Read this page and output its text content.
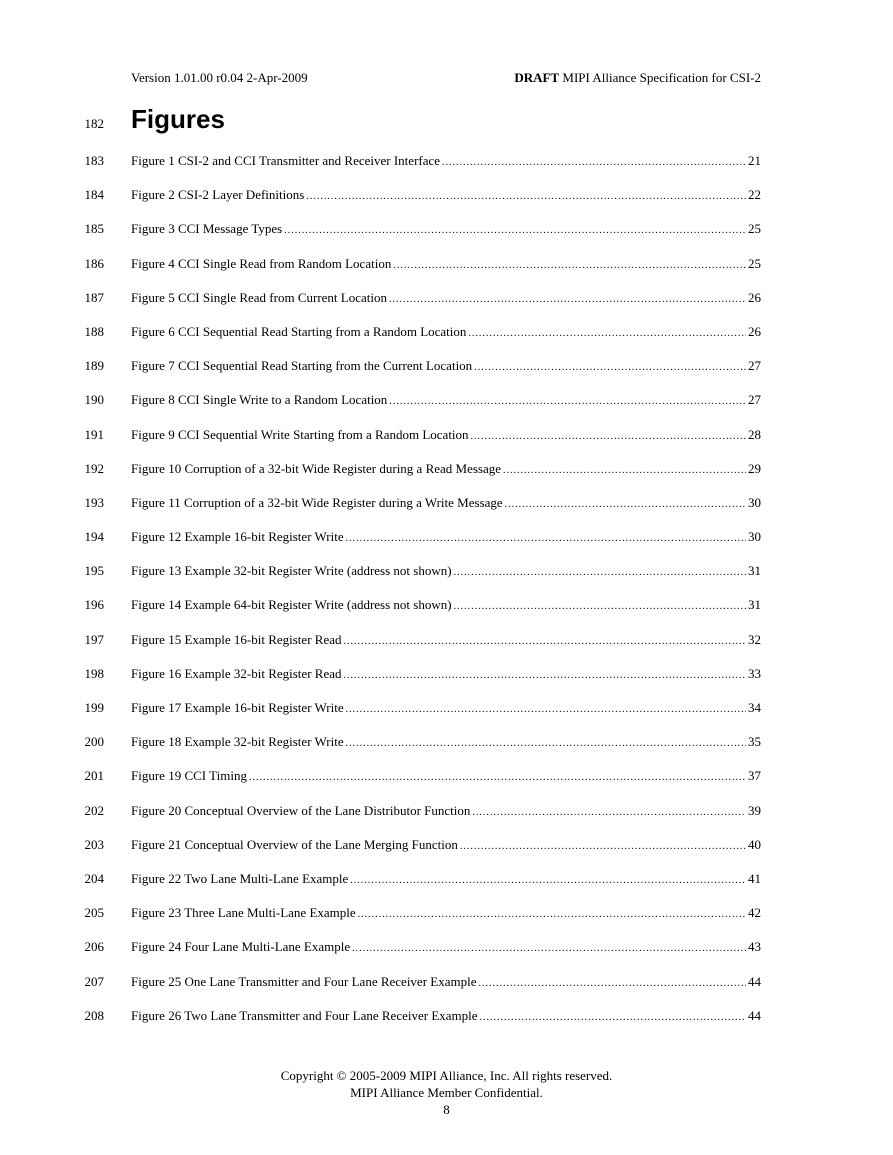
Version 1.01.00 r0.04 2-Apr-2009	DRAFT MIPI Alliance Specification for CSI-2
182 Figures
183 Figure 1 CSI-2 and CCI Transmitter and Receiver Interface .....	21
184 Figure 2 CSI-2 Layer Definitions .....	22
185 Figure 3 CCI Message Types .....	25
186 Figure 4 CCI Single Read from Random Location .....	25
187 Figure 5 CCI Single Read from Current Location .....	26
188 Figure 6 CCI Sequential Read Starting from a Random Location .....	26
189 Figure 7 CCI Sequential Read Starting from the Current Location .....	27
190 Figure 8 CCI Single Write to a Random Location .....	27
191 Figure 9 CCI Sequential Write Starting from a Random Location .....	28
192 Figure 10 Corruption of a 32-bit Wide Register during a Read Message .....	29
193 Figure 11 Corruption of a 32-bit Wide Register during a Write Message .....	30
194 Figure 12 Example 16-bit Register Write .....	30
195 Figure 13 Example 32-bit Register Write (address not shown) .....	31
196 Figure 14 Example 64-bit Register Write (address not shown) .....	31
197 Figure 15 Example 16-bit Register Read .....	32
198 Figure 16 Example 32-bit Register Read .....	33
199 Figure 17 Example 16-bit Register Write .....	34
200 Figure 18 Example 32-bit Register Write .....	35
201 Figure 19 CCI Timing .....	37
202 Figure 20 Conceptual Overview of the Lane Distributor Function .....	39
203 Figure 21 Conceptual Overview of the Lane Merging Function .....	40
204 Figure 22 Two Lane Multi-Lane Example .....	41
205 Figure 23 Three Lane Multi-Lane Example .....	42
206 Figure 24 Four Lane Multi-Lane Example .....	43
207 Figure 25 One Lane Transmitter and Four Lane Receiver Example .....	44
208 Figure 26 Two Lane Transmitter and Four Lane Receiver Example .....	44
Copyright © 2005-2009 MIPI Alliance, Inc. All rights reserved.
MIPI Alliance Member Confidential.
8
